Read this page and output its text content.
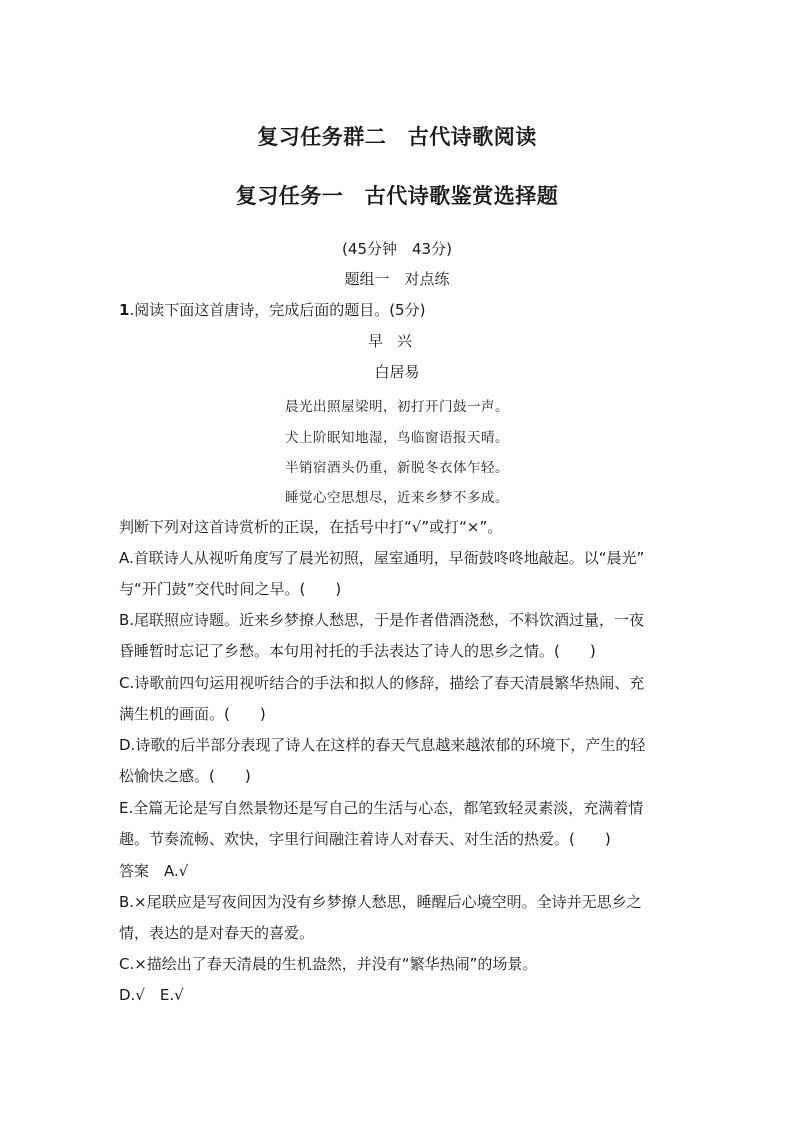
复习任务群二　古代诗歌阅读
复习任务一　古代诗歌鉴赏选择题
(45分钟　43分)
题组一　对点练
1.阅读下面这首唐诗，完成后面的题目。(5分)
早兴
白居易
晨光出照屋梁明，初打开门鼓一声。
犬上阶眠知地湿，鸟临窗语报天晴。
半销宿酒头仍重，新脱冬衣体乍轻。
睡觉心空思想尽，近来乡梦不多成。
判断下列对这首诗赏析的正误，在括号中打“√”或打“×”。
A.首联诗人从视听角度写了晨光初照，屋室通明，早衙鼓咚咚地敲起。以“晨光”
与“开门鼓”交代时间之早。(　　)
B.尾联照应诗题。近来乡梦撩人愁思，于是作者借酒浇愁，不料饮酒过量，一夜
昏睡暂时忘记了乡愁。本句用衬托的手法表达了诗人的思乡之情。(　　)
C.诗歌前四句运用视听结合的手法和拟人的修辞，描绘了春天清晨繁华热闹、充
满生机的画面。(　　)
D.诗歌的后半部分表现了诗人在这样的春天气息越来越浓郁的环境下，产生的轻
松愉快之感。(　　)
E.全篇无论是写自然景物还是写自己的生活与心态，都笔致轻灵素淡，充满着情
趣。节奏流畅、欢快，字里行间融注着诗人对春天、对生活的热爱。(　　)
答案　 A.√
B.×尾联应是写夜间因为没有乡梦撩人愁思，睡醒后心境空明。全诗并无思乡之
情，表达的是对春天的喜爱。
C.×描绘出了春天清晨的生机盎然，并没有“繁华热闹”的场景。
D.√　E.√
